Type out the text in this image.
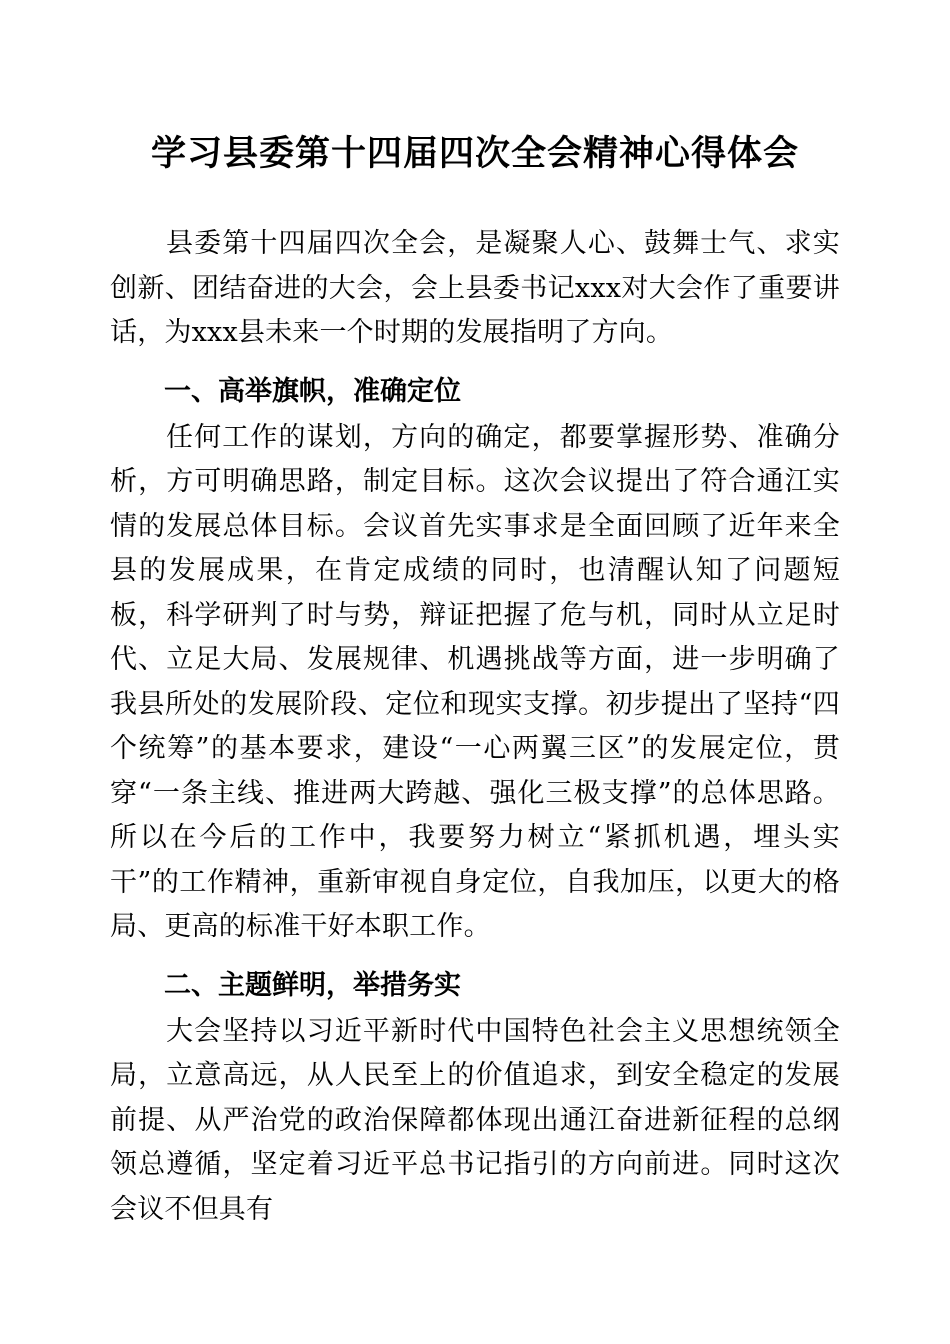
学习县委第十四届四次全会精神心得体会

县委第十四届四次全会，是凝聚人心、鼓舞士气、求实创新、团结奋进的大会，会上县委书记xxx对大会作了重要讲话，为xxx县未来一个时期的发展指明了方向。

一、高举旗帜，准确定位

任何工作的谋划，方向的确定，都要掌握形势、准确分析，方可明确思路，制定目标。这次会议提出了符合通江实情的发展总体目标。会议首先实事求是全面回顾了近年来全县的发展成果，在肯定成绩的同时，也清醒认知了问题短板，科学研判了时与势，辩证把握了危与机，同时从立足时代、立足大局、发展规律、机遇挑战等方面，进一步明确了我县所处的发展阶段、定位和现实支撑。初步提出了坚持“四个统筹”的基本要求，建设“一心两翼三区”的发展定位，贯穿“一条主线、推进两大跨越、强化三极支撑”的总体思路。所以在今后的工作中，我要努力树立“紧抓机遇，埋头实干”的工作精神，重新审视自身定位，自我加压，以更大的格局、更高的标准干好本职工作。

二、主题鲜明，举措务实

大会坚持以习近平新时代中国特色社会主义思想统领全局，立意高远，从人民至上的价值追求，到安全稳定的发展前提、从严治党的政治保障都体现出通江奋进新征程的总纲领总遵循，坚定着习近平总书记指引的方向前进。同时这次会议不但具有
